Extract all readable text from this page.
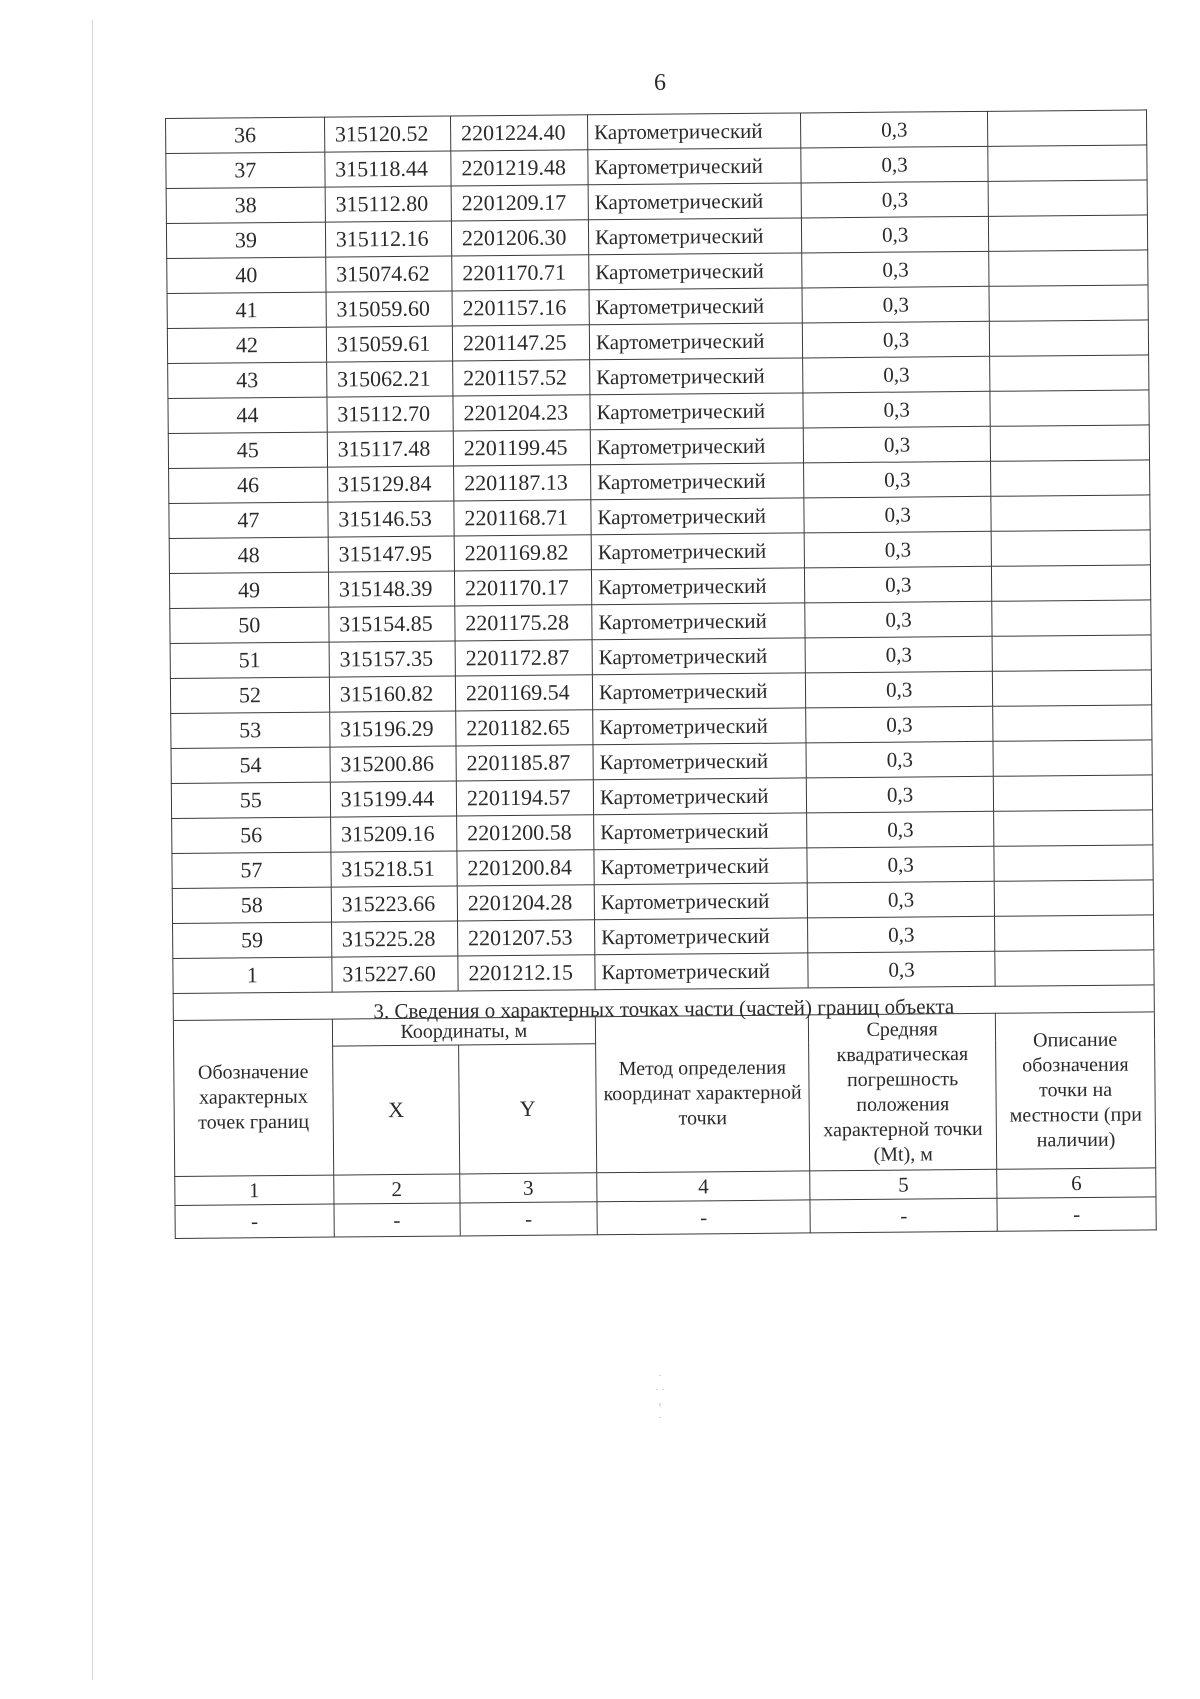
6
36	315120.52	2201224.40	Картометрический	0,3	
37	315118.44	2201219.48	Картометрический	0,3	
38	315112.80	2201209.17	Картометрический	0,3	
39	315112.16	2201206.30	Картометрический	0,3	
40	315074.62	2201170.71	Картометрический	0,3	
41	315059.60	2201157.16	Картометрический	0,3	
42	315059.61	2201147.25	Картометрический	0,3	
43	315062.21	2201157.52	Картометрический	0,3	
44	315112.70	2201204.23	Картометрический	0,3	
45	315117.48	2201199.45	Картометрический	0,3	
46	315129.84	2201187.13	Картометрический	0,3	
47	315146.53	2201168.71	Картометрический	0,3	
48	315147.95	2201169.82	Картометрический	0,3	
49	315148.39	2201170.17	Картометрический	0,3	
50	315154.85	2201175.28	Картометрический	0,3	
51	315157.35	2201172.87	Картометрический	0,3	
52	315160.82	2201169.54	Картометрический	0,3	
53	315196.29	2201182.65	Картометрический	0,3	
54	315200.86	2201185.87	Картометрический	0,3	
55	315199.44	2201194.57	Картометрический	0,3	
56	315209.16	2201200.58	Картометрический	0,3	
57	315218.51	2201200.84	Картометрический	0,3	
58	315223.66	2201204.28	Картометрический	0,3	
59	315225.28	2201207.53	Картометрический	0,3	
1	315227.60	2201212.15	Картометрический	0,3	
3. Сведения о характерных точках части (частей) границ объекта					
Обозначение характерных точек границ	Координаты, м		Метод определения координат характерной точки	Средняя квадратическая погрешность положения характерной точки (Mt), м	Описание обозначения точки на местности (при наличии)
	X	Y			
1	2	3	4	5	6
-	-	-	-	-	-
·
· ·
‹
·
